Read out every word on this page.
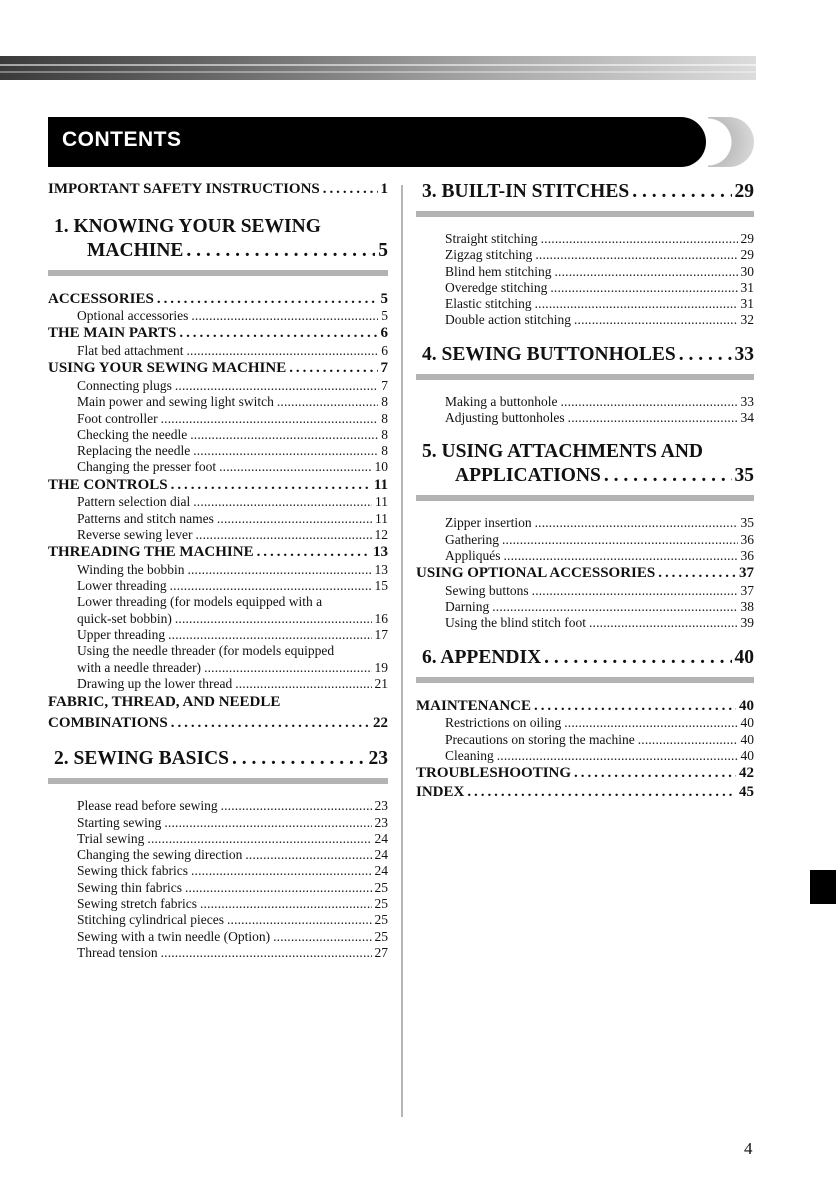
CONTENTS
IMPORTANT SAFETY INSTRUCTIONS . . .	1
1. KNOWING YOUR SEWING
MACHINE . . .	5
ACCESSORIES . . .	5
Optional accessories . . .	5
THE MAIN PARTS . . .	6
Flat bed attachment . . .	6
USING YOUR SEWING MACHINE . . .	7
Connecting plugs . . .	7
Main power and sewing light switch . . .	8
Foot controller . . .	8
Checking the needle . . .	8
Replacing the needle . . .	8
Changing the presser foot . . .	10
THE CONTROLS . . .	11
Pattern selection dial . . .	11
Patterns and stitch names . . .	11
Reverse sewing lever . . .	12
THREADING THE MACHINE . . .	13
Winding the bobbin . . .	13
Lower threading . . .	15
Lower threading (for models equipped with a
quick-set bobbin) . . .	16
Upper threading . . .	17
Using the needle threader (for models equipped
with a needle threader) . . .	19
Drawing up the lower thread . . .	21
FABRIC, THREAD, AND NEEDLE
COMBINATIONS . . .	22
2. SEWING BASICS . . .	23
Please read before sewing . . .	23
Starting sewing . . .	23
Trial sewing . . .	24
Changing the sewing direction . . .	24
Sewing thick fabrics . . .	24
Sewing thin fabrics . . .	25
Sewing stretch fabrics . . .	25
Stitching cylindrical pieces . . .	25
Sewing with a twin needle (Option) . . .	25
Thread tension . . .	27
3. BUILT-IN STITCHES . . .	29
Straight stitching . . .	29
Zigzag stitching . . .	29
Blind hem stitching . . .	30
Overedge stitching . . .	31
Elastic stitching . . .	31
Double action stitching . . .	32
4. SEWING BUTTONHOLES . . .	33
Making a buttonhole . . .	33
Adjusting buttonholes . . .	34
5. USING ATTACHMENTS AND
APPLICATIONS . . .	35
Zipper insertion . . .	35
Gathering . . .	36
Appliqués . . .	36
USING OPTIONAL ACCESSORIES . . .	37
Sewing buttons . . .	37
Darning . . .	38
Using the blind stitch foot . . .	39
6. APPENDIX . . .	40
MAINTENANCE . . .	40
Restrictions on oiling . . .	40
Precautions on storing the machine . . .	40
Cleaning . . .	40
TROUBLESHOOTING . . .	42
INDEX . . .	45
4
